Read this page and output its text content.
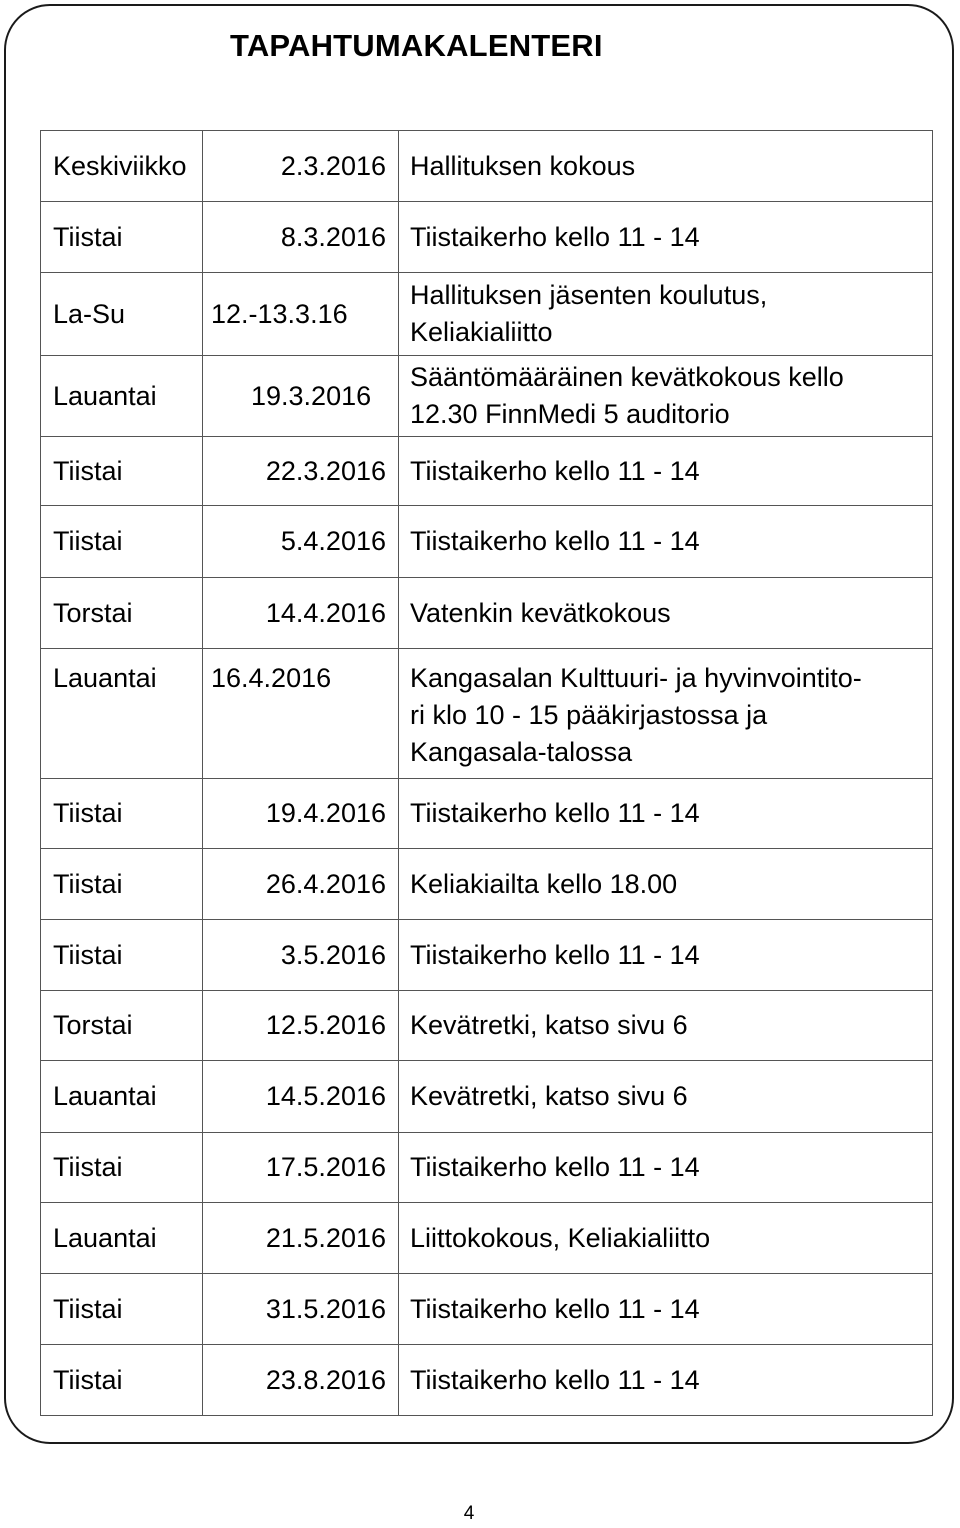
TAPAHTUMAKALENTERI
Keskiviikko	2.3.2016	Hallituksen kokous
Tiistai	8.3.2016	Tiistaikerho kello 11 - 14
La-Su	12.-13.3.16	Hallituksen jäsenten koulutus,
Keliakialiitto
Lauantai	19.3.2016	Sääntömääräinen kevätkokous kello
12.30 FinnMedi 5 auditorio
Tiistai	22.3.2016	Tiistaikerho kello 11 - 14
Tiistai	5.4.2016	Tiistaikerho kello 11 - 14
Torstai	14.4.2016	Vatenkin kevätkokous
Lauantai	16.4.2016	Kangasalan Kulttuuri- ja hyvinvointito-
ri klo 10 - 15 pääkirjastossa ja
Kangasala-talossa
Tiistai	19.4.2016	Tiistaikerho kello 11 - 14
Tiistai	26.4.2016	Keliakiailta kello 18.00
Tiistai	3.5.2016	Tiistaikerho kello 11 - 14
Torstai	12.5.2016	Kevätretki, katso sivu 6
Lauantai	14.5.2016	Kevätretki, katso sivu 6
Tiistai	17.5.2016	Tiistaikerho kello 11 - 14
Lauantai	21.5.2016	Liittokokous, Keliakialiitto
Tiistai	31.5.2016	Tiistaikerho kello 11 - 14
Tiistai	23.8.2016	Tiistaikerho kello 11 - 14
4
